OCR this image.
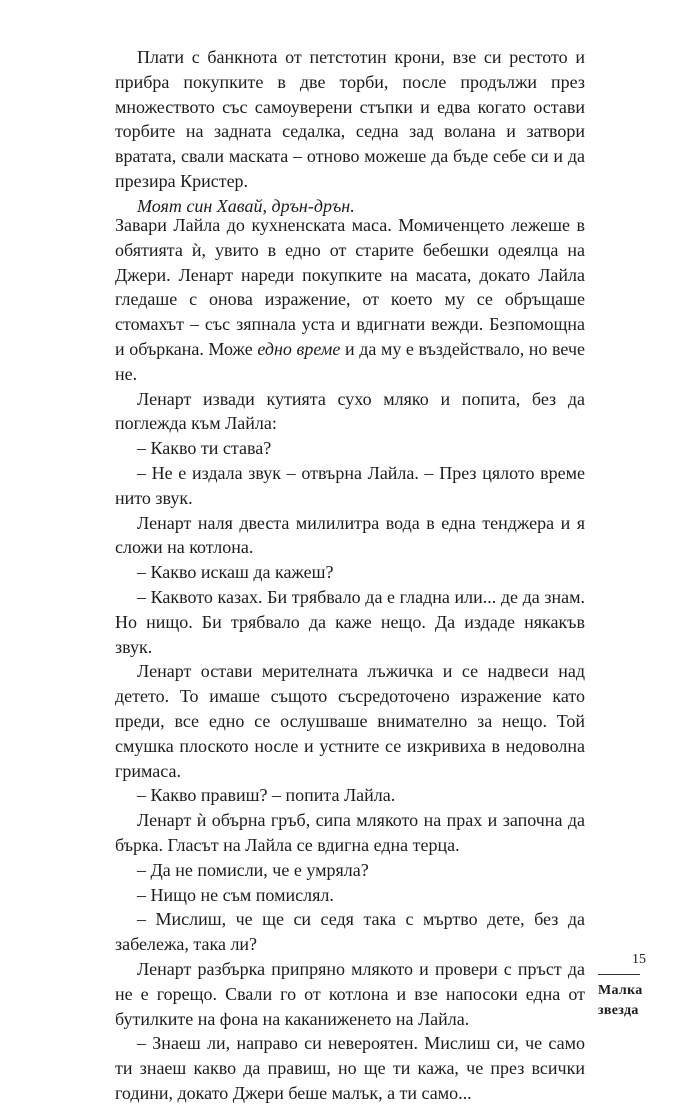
Плати с банкнота от петстотин крони, взе си рестото и прибра покупките в две торби, после продължи през множеството със самоуверени стъпки и едва когато остави торбите на задната седалка, седна зад волана и затвори вратата, свали маската – отново можеше да бъде себе си и да презира Кристер.

Моят син Хавай, дрън-дрън.

Завари Лайла до кухненската маса. Момиченцето лежеше в обятията ѝ, увито в едно от старите бебешки одеялца на Джери. Ленарт нареди покупките на масата, докато Лайла гледаше с онова изражение, от което му се обръщаше стомахът – със зяпнала уста и вдигнати вежди. Безпомощна и объркана. Може едно време и да му е въздействало, но вече не.

Ленарт извади кутията сухо мляко и попита, без да поглежда към Лайла:

– Какво ти става?

– Не е издала звук – отвърна Лайла. – През цялото време нито звук.

Ленарт наля двеста милилитра вода в една тенджера и я сложи на котлона.

– Какво искаш да кажеш?

– Каквото казах. Би трябвало да е гладна или... де да знам. Но нищо. Би трябвало да каже нещо. Да издаде някакъв звук.

Ленарт остави мерителната лъжичка и се надвеси над детето. То имаше същото съсредоточено изражение като преди, все едно се ослушваше внимателно за нещо. Той смушка плоското носле и устните се изкривиха в недоволна гримаса.

– Какво правиш? – попита Лайла.

Ленарт ѝ обърна гръб, сипа млякото на прах и започна да бърка. Гласът на Лайла се вдигна една терца.

– Да не помисли, че е умряла?

– Нищо не съм помислял.

– Мислиш, че ще си седя така с мъртво дете, без да забележа, така ли?

Ленарт разбърка припряно млякото и провери с пръст да не е горещо. Свали го от котлона и взе напосоки една от бутилките на фона на каканиженето на Лайла.

– Знаеш ли, направо си невероятен. Мислиш си, че само ти знаеш какво да правиш, но ще ти кажа, че през всички години, докато Джери беше малък, а ти само...

15
Малка
звезда
